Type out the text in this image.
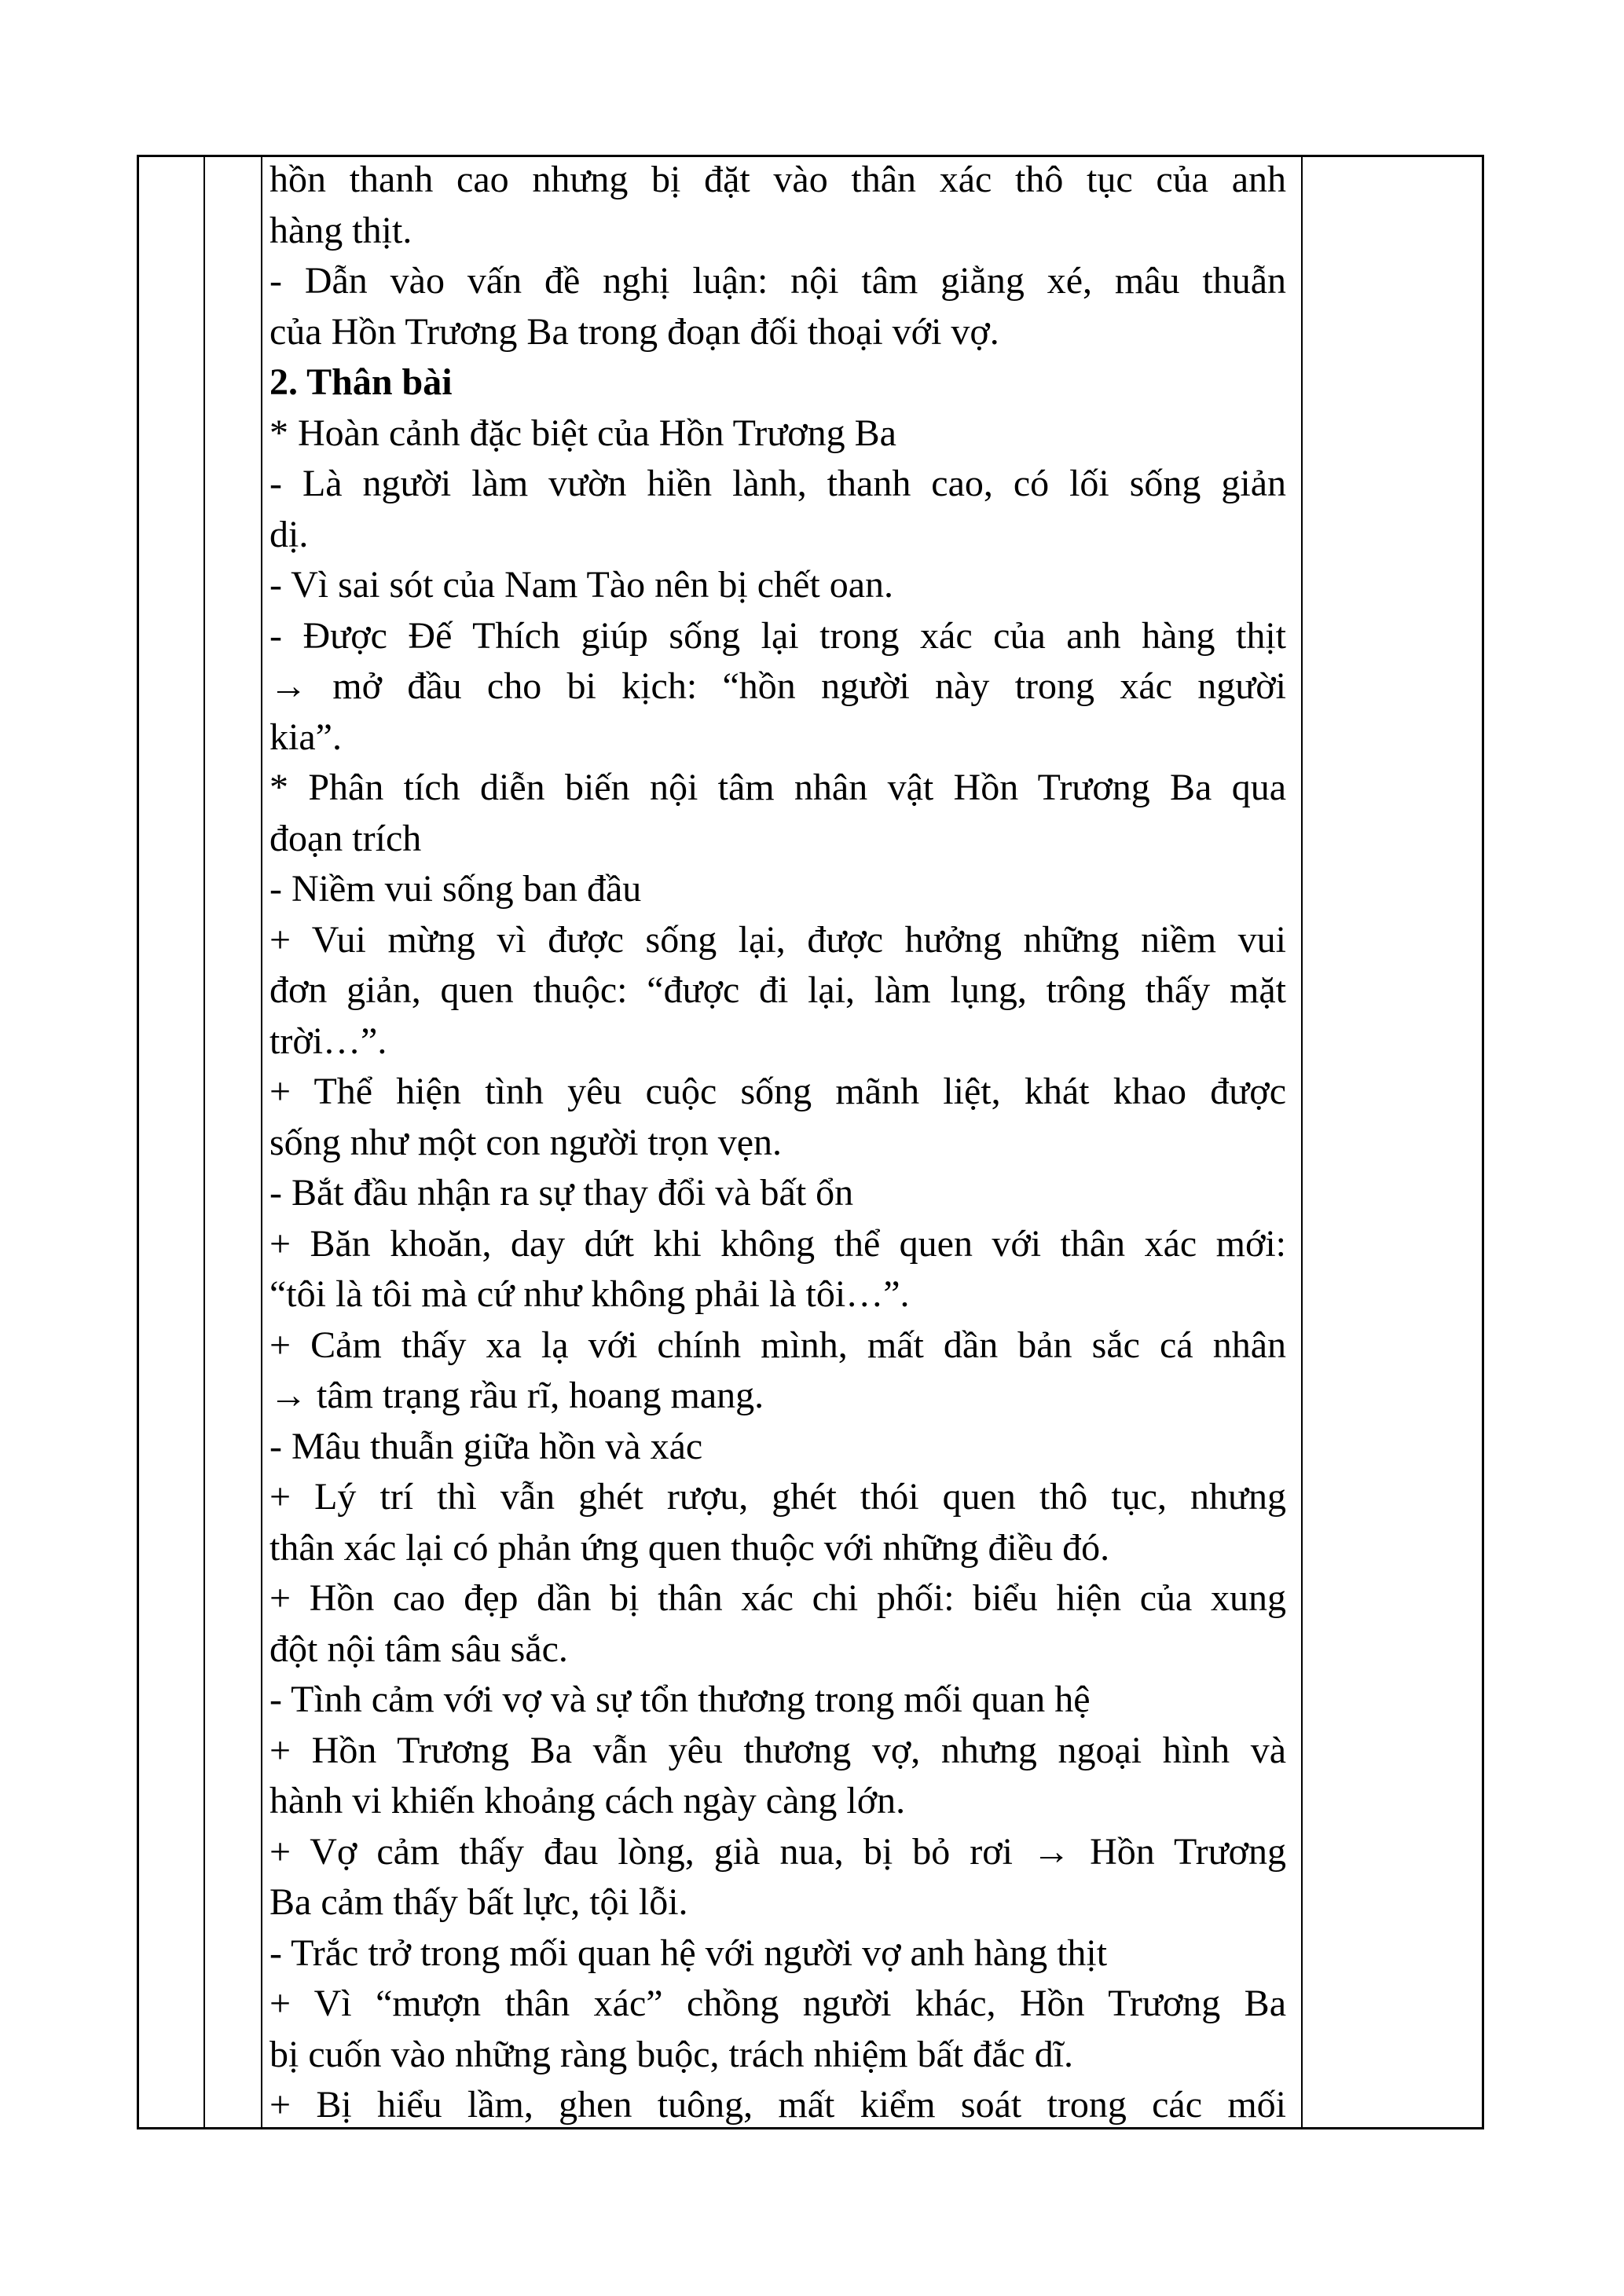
hồn thanh cao nhưng bị đặt vào thân xác thô tục của anh
hàng thịt.
- Dẫn vào vấn đề nghị luận: nội tâm giằng xé, mâu thuẫn
của Hồn Trương Ba trong đoạn đối thoại với vợ.
2. Thân bài
* Hoàn cảnh đặc biệt của Hồn Trương Ba
- Là người làm vườn hiền lành, thanh cao, có lối sống giản
dị.
- Vì sai sót của Nam Tào nên bị chết oan.
- Được Đế Thích giúp sống lại trong xác của anh hàng thịt
→ mở đầu cho bi kịch: “hồn người này trong xác người
kia”.
* Phân tích diễn biến nội tâm nhân vật Hồn Trương Ba qua
đoạn trích
- Niềm vui sống ban đầu
+ Vui mừng vì được sống lại, được hưởng những niềm vui
đơn giản, quen thuộc: “được đi lại, làm lụng, trông thấy mặt
trời…”.
+ Thể hiện tình yêu cuộc sống mãnh liệt, khát khao được
sống như một con người trọn vẹn.
- Bắt đầu nhận ra sự thay đổi và bất ổn
+ Băn khoăn, day dứt khi không thể quen với thân xác mới:
“tôi là tôi mà cứ như không phải là tôi…”.
+ Cảm thấy xa lạ với chính mình, mất dần bản sắc cá nhân
→ tâm trạng rầu rĩ, hoang mang.
- Mâu thuẫn giữa hồn và xác
+ Lý trí thì vẫn ghét rượu, ghét thói quen thô tục, nhưng
thân xác lại có phản ứng quen thuộc với những điều đó.
+ Hồn cao đẹp dần bị thân xác chi phối: biểu hiện của xung
đột nội tâm sâu sắc.
- Tình cảm với vợ và sự tổn thương trong mối quan hệ
+ Hồn Trương Ba vẫn yêu thương vợ, nhưng ngoại hình và
hành vi khiến khoảng cách ngày càng lớn.
+ Vợ cảm thấy đau lòng, già nua, bị bỏ rơi → Hồn Trương
Ba cảm thấy bất lực, tội lỗi.
- Trắc trở trong mối quan hệ với người vợ anh hàng thịt
+ Vì “mượn thân xác” chồng người khác, Hồn Trương Ba
bị cuốn vào những ràng buộc, trách nhiệm bất đắc dĩ.
+ Bị hiểu lầm, ghen tuông, mất kiểm soát trong các mối
